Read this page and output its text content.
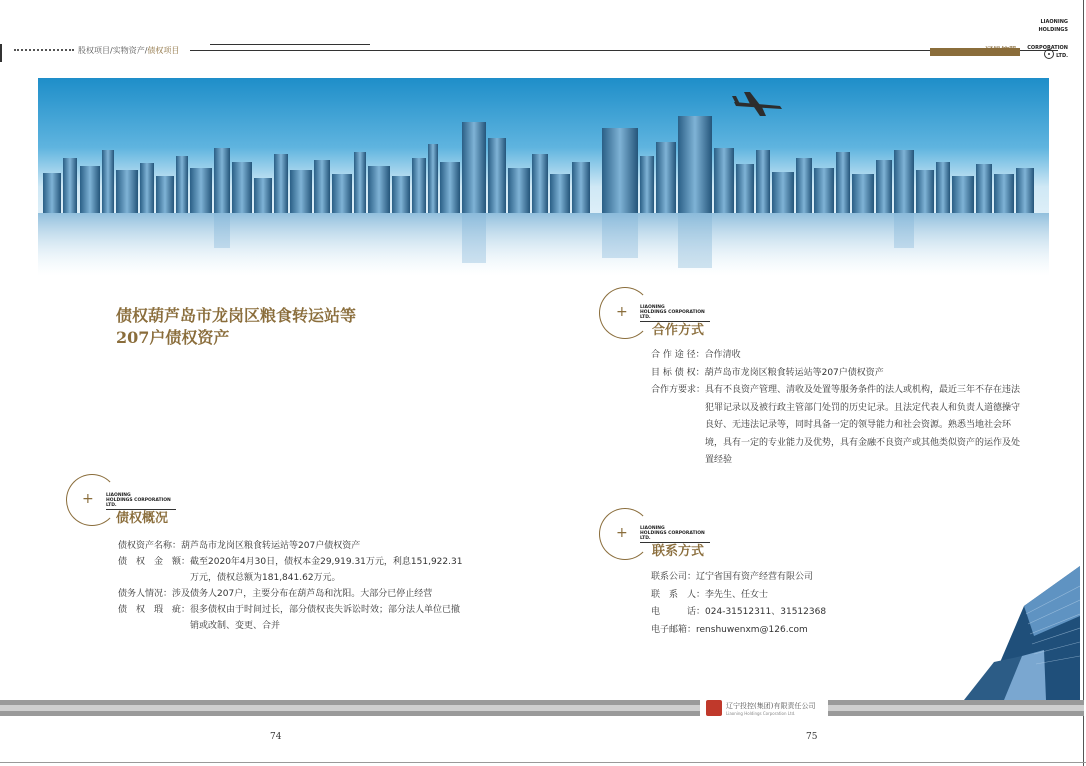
股权项目/实物资产/债权项目	辽投控股
LIAONING
HOLDINGS
CORPORATION
LTD.
债权葫芦岛市龙岗区粮食转运站等
207户债权资产
+	LIAONING
HOLDINGS CORPORATION
LTD.
债权概况
债权资产名称： 葫芦岛市龙岗区粮食转运站等207户债权资产
债　权　金　额： 截至2020年4月30日，债权本金29,919.31万元，利息151,922.31万元，债权总额为181,841.62万元。
债务人情况： 涉及债务人207户，主要分布在葫芦岛和沈阳。大部分已停止经营
债　权　瑕　疵： 很多债权由于时间过长，部分债权丧失诉讼时效；部分法人单位已撤销或改制、变更、合并
+	LIAONING
HOLDINGS CORPORATION
LTD.
合作方式
合 作 途 径： 合作清收
目 标 债 权： 葫芦岛市龙岗区粮食转运站等207户债权资产
合作方要求： 具有不良资产管理、清收及处置等服务条件的法人或机构，最近三年不存在违法犯罪记录以及被行政主管部门处罚的历史记录。且法定代表人和负责人道德操守良好、无违法记录等，同时具备一定的领导能力和社会资源。熟悉当地社会环境，具有一定的专业能力及优势，具有金融不良资产或其他类似资产的运作及处置经验
+	LIAONING
HOLDINGS CORPORATION
LTD.
联系方式
联系公司： 辽宁省国有资产经营有限公司
联　系　人： 李先生、任女士
电　　　话： 024-31512311、31512368
电子邮箱： renshuwenxm@126.com
辽宁投控(集团)有限责任公司
Liaoning Holdings Corporation Ltd.
74	75
